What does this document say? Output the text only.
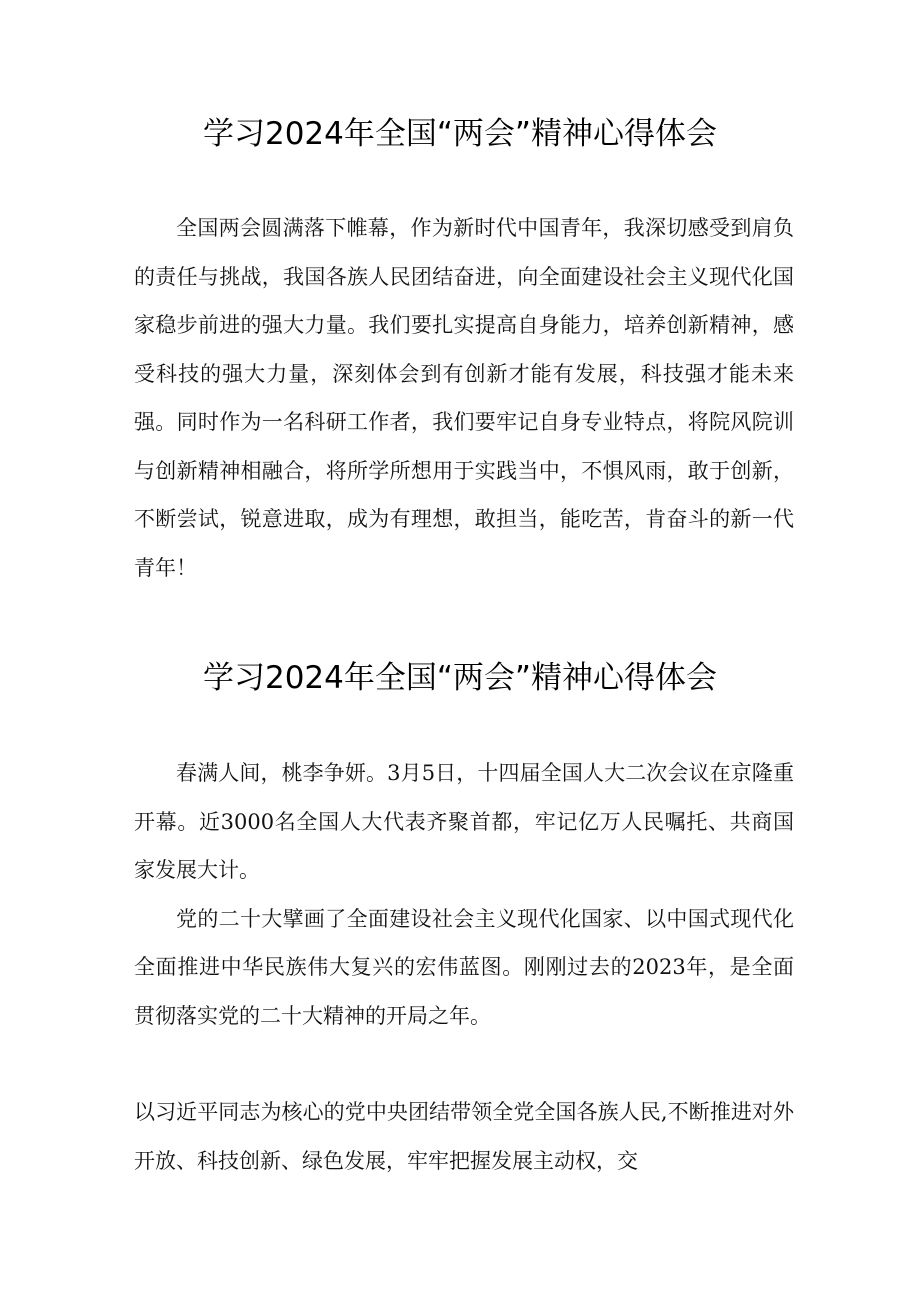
学习2024年全国“两会”精神心得体会

全国两会圆满落下帷幕，作为新时代中国青年，我深切感受到肩负的责任与挑战，我国各族人民团结奋进，向全面建设社会主义现代化国家稳步前进的强大力量。我们要扎实提高自身能力，培养创新精神，感受科技的强大力量，深刻体会到有创新才能有发展，科技强才能未来强。同时作为一名科研工作者，我们要牢记自身专业特点，将院风院训与创新精神相融合，将所学所想用于实践当中，不惧风雨，敢于创新，不断尝试，锐意进取，成为有理想，敢担当，能吃苦，肯奋斗的新一代青年！

学习2024年全国“两会”精神心得体会

春满人间，桃李争妍。3月5日，十四届全国人大二次会议在京隆重开幕。近3000名全国人大代表齐聚首都，牢记亿万人民嘱托、共商国家发展大计。

党的二十大擘画了全面建设社会主义现代化国家、以中国式现代化全面推进中华民族伟大复兴的宏伟蓝图。刚刚过去的2023年，是全面贯彻落实党的二十大精神的开局之年。

以习近平同志为核心的党中央团结带领全党全国各族人民,不断推进对外开放、科技创新、绿色发展，牢牢把握发展主动权，交
